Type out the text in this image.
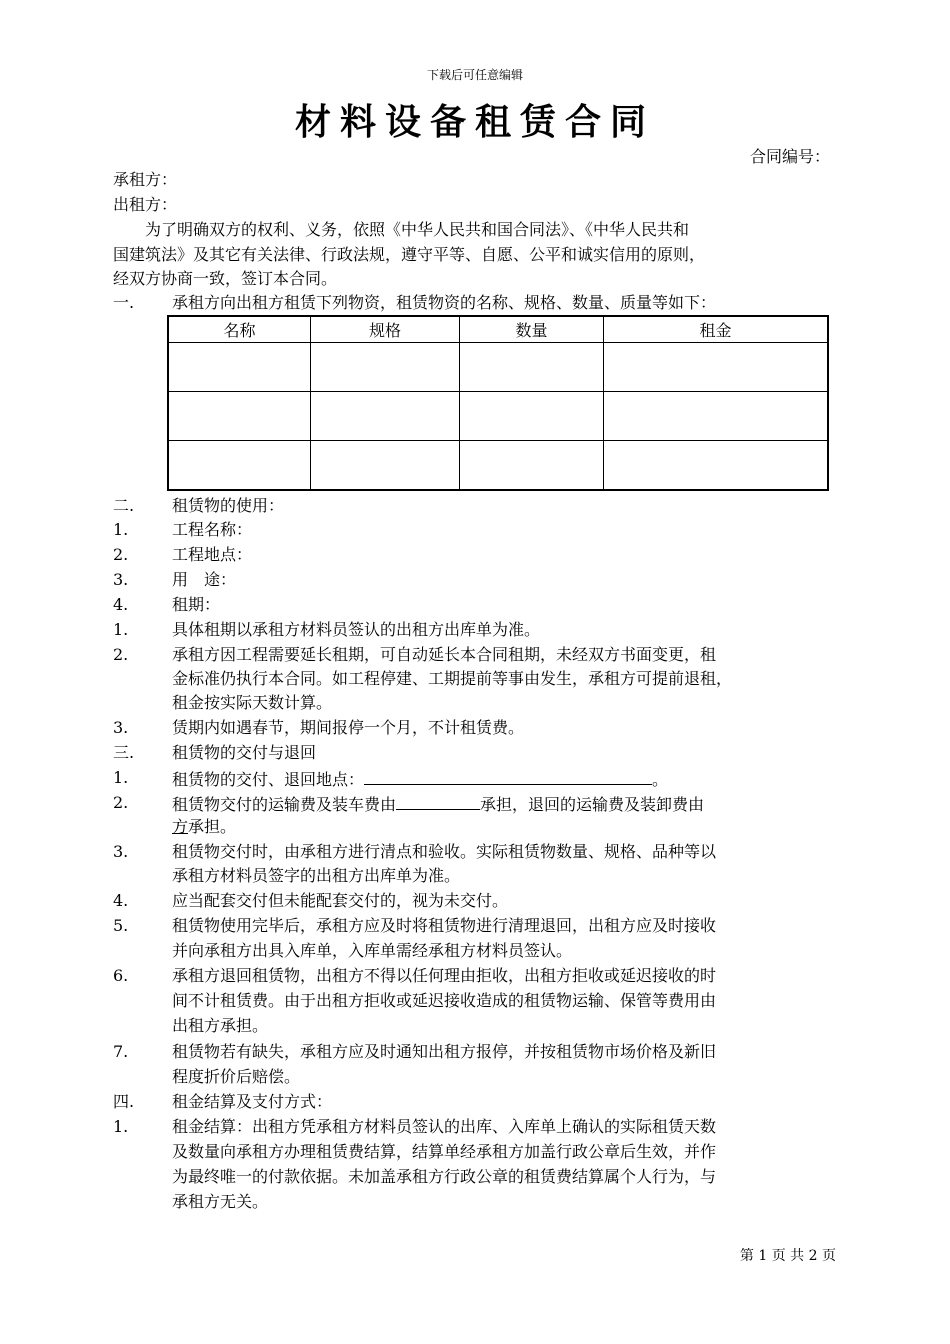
下载后可任意编辑
材料设备租赁合同
合同编号：
承租方：
出租方：
为了明确双方的权利、义务，依照《中华人民共和国合同法》、《中华人民共和
国建筑法》及其它有关法律、行政法规，遵守平等、自愿、公平和诚实信用的原则，
经双方协商一致，签订本合同。
一. 承租方向出租方租赁下列物资，租赁物资的名称、规格、数量、质量等如下：
名称	规格	数量	租金

二. 租赁物的使用：
1.	工程名称：
2.	工程地点：
3.	用　途：
4.	租期：
1.	具体租期以承租方材料员签认的出租方出库单为准。
2.	承租方因工程需要延长租期，可自动延长本合同租期，未经双方书面变更，租
金标准仍执行本合同。如工程停建、工期提前等事由发生，承租方可提前退租，
租金按实际天数计算。
3.	赁期内如遇春节，期间报停一个月，不计租赁费。
三. 租赁物的交付与退回
1.	租赁物的交付、退回地点：	。
2.	租赁物交付的运输费及装车费由	承担，退回的运输费及装卸费由
方承担。
3.	租赁物交付时，由承租方进行清点和验收。实际租赁物数量、规格、品种等以
承租方材料员签字的出租方出库单为准。
4.	应当配套交付但未能配套交付的，视为未交付。
5.	租赁物使用完毕后，承租方应及时将租赁物进行清理退回，出租方应及时接收
并向承租方出具入库单，入库单需经承租方材料员签认。
6.	承租方退回租赁物，出租方不得以任何理由拒收，出租方拒收或延迟接收的时
间不计租赁费。由于出租方拒收或延迟接收造成的租赁物运输、保管等费用由
出租方承担。
7.	租赁物若有缺失，承租方应及时通知出租方报停，并按租赁物市场价格及新旧
程度折价后赔偿。
四. 租金结算及支付方式：
1.	租金结算：出租方凭承租方材料员签认的出库、入库单上确认的实际租赁天数
及数量向承租方办理租赁费结算，结算单经承租方加盖行政公章后生效，并作
为最终唯一的付款依据。未加盖承租方行政公章的租赁费结算属个人行为，与
承租方无关。
第 1 页 共 2 页
